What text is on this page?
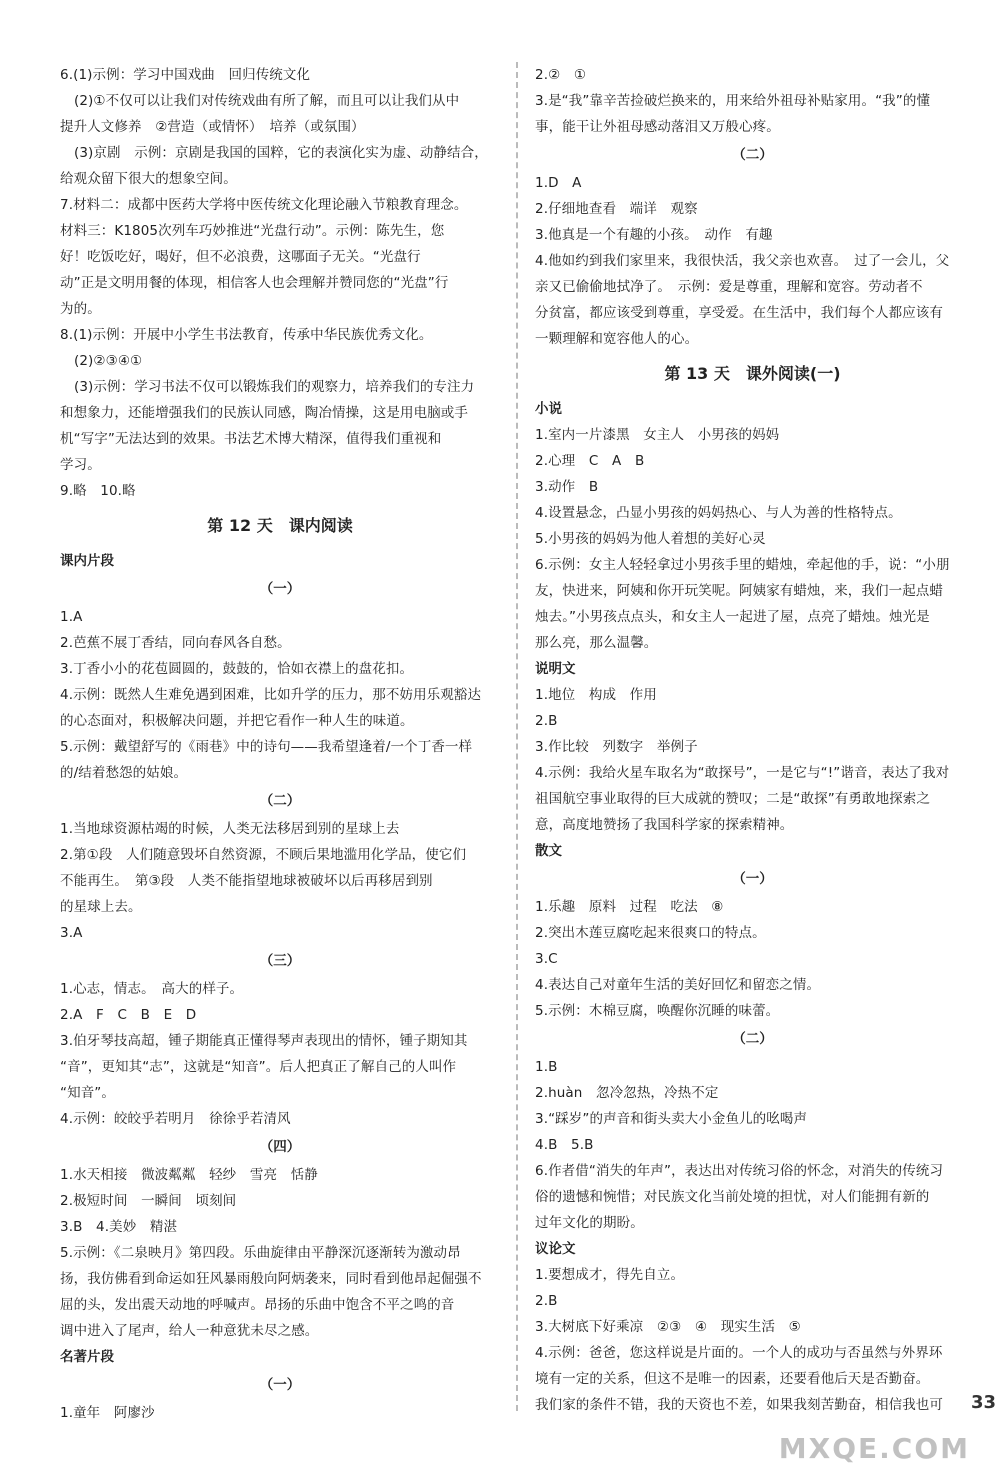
6.(1)示例：学习中国戏曲　回归传统文化
(2)①不仅可以让我们对传统戏曲有所了解，而且可以让我们从中
提升人文修养　②营造（或情怀）　培养（或氛围）
(3)京剧　示例：京剧是我国的国粹，它的表演化实为虚、动静结合，
给观众留下很大的想象空间。
7.材料二：成都中医药大学将中医传统文化理论融入节粮教育理念。
材料三：K1805次列车巧妙推进“光盘行动”。示例：陈先生，您
好！吃饭吃好，喝好，但不必浪费，这哪面子无关。“光盘行
动”正是文明用餐的体现，相信客人也会理解并赞同您的“光盘”行
为的。
8.(1)示例：开展中小学生书法教育，传承中华民族优秀文化。
(2)②③④①
(3)示例：学习书法不仅可以锻炼我们的观察力，培养我们的专注力
和想象力，还能增强我们的民族认同感，陶冶情操，这是用电脑或手
机“写字”无法达到的效果。书法艺术博大精深，值得我们重视和
学习。
9.略　10.略
第 12 天　课内阅读
课内片段
（一）
1.A
2.芭蕉不展丁香结，同向春风各自愁。
3.丁香小小的花苞圆圆的，鼓鼓的，恰如衣襟上的盘花扣。
4.示例：既然人生难免遇到困难，比如升学的压力，那不妨用乐观豁达
的心态面对，积极解决问题，并把它看作一种人生的味道。
5.示例：戴望舒写的《雨巷》中的诗句——我希望逢着/一个丁香一样
的/结着愁怨的姑娘。
（二）
1.当地球资源枯竭的时候，人类无法移居到别的星球上去
2.第①段　人们随意毁坏自然资源，不顾后果地滥用化学品，使它们
不能再生。　第③段　人类不能指望地球被破坏以后再移居到别
的星球上去。
3.A
（三）
1.心志，情志。　高大的样子。
2.A　F　C　B　E　D
3.伯牙琴技高超，锺子期能真正懂得琴声表现出的情怀，锺子期知其
“音”，更知其“志”，这就是“知音”。后人把真正了解自己的人叫作
“知音”。
4.示例：皎皎乎若明月　徐徐乎若清风
（四）
1.水天相接　微波粼粼　轻纱　雪亮　恬静
2.极短时间　一瞬间　顷刻间
3.B　4.美妙　精湛
5.示例：《二泉映月》第四段。乐曲旋律由平静深沉逐渐转为激动昂
扬，我仿佛看到命运如狂风暴雨般向阿炳袭来，同时看到他昂起倔强不
屈的头，发出震天动地的呼喊声。昂扬的乐曲中饱含不平之鸣的音
调中进入了尾声，给人一种意犹未尽之感。
名著片段
（一）
1.童年　阿廖沙
2.②　①
3.是“我”靠辛苦捡破烂换来的，用来给外祖母补贴家用。“我”的懂
事，能干让外祖母感动落泪又万般心疼。
（二）
1.D　A
2.仔细地查看　端详　观察
3.他真是一个有趣的小孩。　动作　有趣
4.他如约到我们家里来，我很快活，我父亲也欢喜。　过了一会儿，父
亲又已偷偷地拭净了。　示例：爱是尊重，理解和宽容。劳动者不
分贫富，都应该受到尊重，享受爱。在生活中，我们每个人都应该有
一颗理解和宽容他人的心。
第 13 天　课外阅读(一)
小说
1.室内一片漆黑　女主人　小男孩的妈妈
2.心理　C　A　B
3.动作　B
4.设置悬念，凸显小男孩的妈妈热心、与人为善的性格特点。
5.小男孩的妈妈为他人着想的美好心灵
6.示例：女主人轻轻拿过小男孩手里的蜡烛，牵起他的手，说：“小朋
友，快进来，阿姨和你开玩笑呢。阿姨家有蜡烛，来，我们一起点蜡
烛去。”小男孩点点头，和女主人一起进了屋，点亮了蜡烛。烛光是
那么亮，那么温馨。
说明文
1.地位　构成　作用
2.B
3.作比较　列数字　举例子
4.示例：我给火星车取名为“敢探号”，一是它与“!”谐音，表达了我对
祖国航空事业取得的巨大成就的赞叹；二是“敢探”有勇敢地探索之
意，高度地赞扬了我国科学家的探索精神。
散文
（一）
1.乐趣　原料　过程　吃法　⑧
2.突出木莲豆腐吃起来很爽口的特点。
3.C
4.表达自己对童年生活的美好回忆和留恋之情。
5.示例：木棉豆腐，唤醒你沉睡的味蕾。
（二）
1.B
2.huàn　忽冷忽热，冷热不定
3.“踩岁”的声音和街头卖大小金鱼儿的吆喝声
4.B　5.B
6.作者借“消失的年声”，表达出对传统习俗的怀念，对消失的传统习
俗的遗憾和惋惜；对民族文化当前处境的担忧，对人们能拥有新的
过年文化的期盼。
议论文
1.要想成才，得先自立。
2.B
3.大树底下好乘凉　②③　④　现实生活　⑤
4.示例：爸爸，您这样说是片面的。一个人的成功与否虽然与外界环
境有一定的关系，但这不是唯一的因素，还要看他后天是否勤奋。
我们家的条件不错，我的天资也不差，如果我刻苦勤奋，相信我也可	33
MXQE.COM
